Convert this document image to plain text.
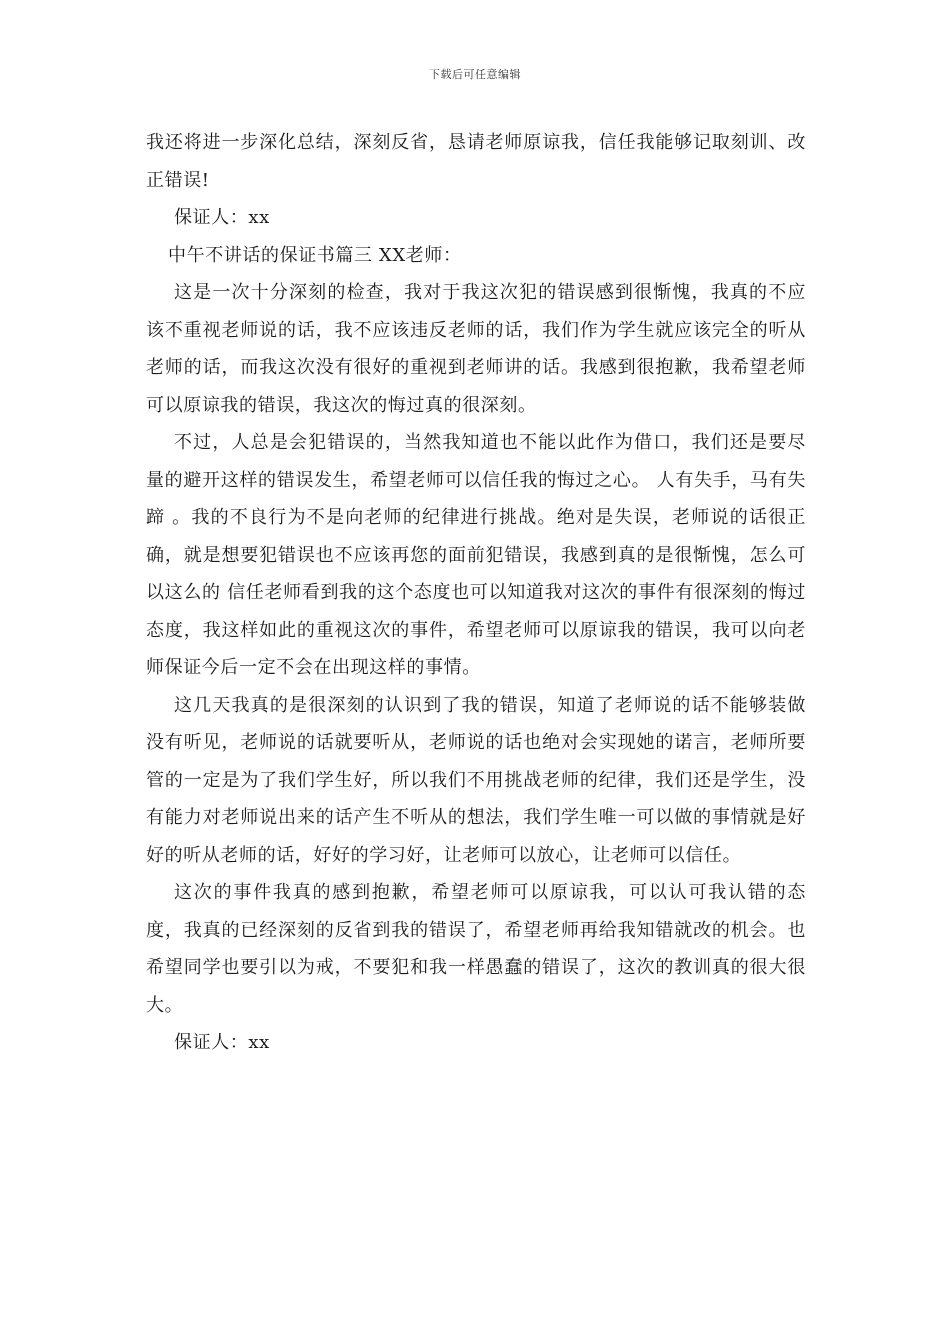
下载后可任意编辑

我还将进一步深化总结，深刻反省，恳请老师原谅我，信任我能够记取刻训、改正错误!

保证人：xx

中午不讲话的保证书篇三 XX老师：

这是一次十分深刻的检查，我对于我这次犯的错误感到很惭愧，我真的不应该不重视老师说的话，我不应该违反老师的话，我们作为学生就应该完全的听从老师的话，而我这次没有很好的重视到老师讲的话。我感到很抱歉，我希望老师可以原谅我的错误，我这次的悔过真的很深刻。

不过，人总是会犯错误的，当然我知道也不能以此作为借口，我们还是要尽量的避开这样的错误发生，希望老师可以信任我的悔过之心。 人有失手，马有失蹄 。我的不良行为不是向老师的纪律进行挑战。绝对是失误，老师说的话很正确，就是想要犯错误也不应该再您的面前犯错误，我感到真的是很惭愧，怎么可以这么的 信任老师看到我的这个态度也可以知道我对这次的事件有很深刻的悔过态度，我这样如此的重视这次的事件，希望老师可以原谅我的错误，我可以向老师保证今后一定不会在出现这样的事情。

这几天我真的是很深刻的认识到了我的错误，知道了老师说的话不能够装做没有听见，老师说的话就要听从，老师说的话也绝对会实现她的诺言，老师所要管的一定是为了我们学生好，所以我们不用挑战老师的纪律，我们还是学生，没有能力对老师说出来的话产生不听从的想法，我们学生唯一可以做的事情就是好好的听从老师的话，好好的学习好，让老师可以放心，让老师可以信任。

这次的事件我真的感到抱歉，希望老师可以原谅我，可以认可我认错的态度，我真的已经深刻的反省到我的错误了，希望老师再给我知错就改的机会。也希望同学也要引以为戒，不要犯和我一样愚蠢的错误了，这次的教训真的很大很大。

保证人：xx
